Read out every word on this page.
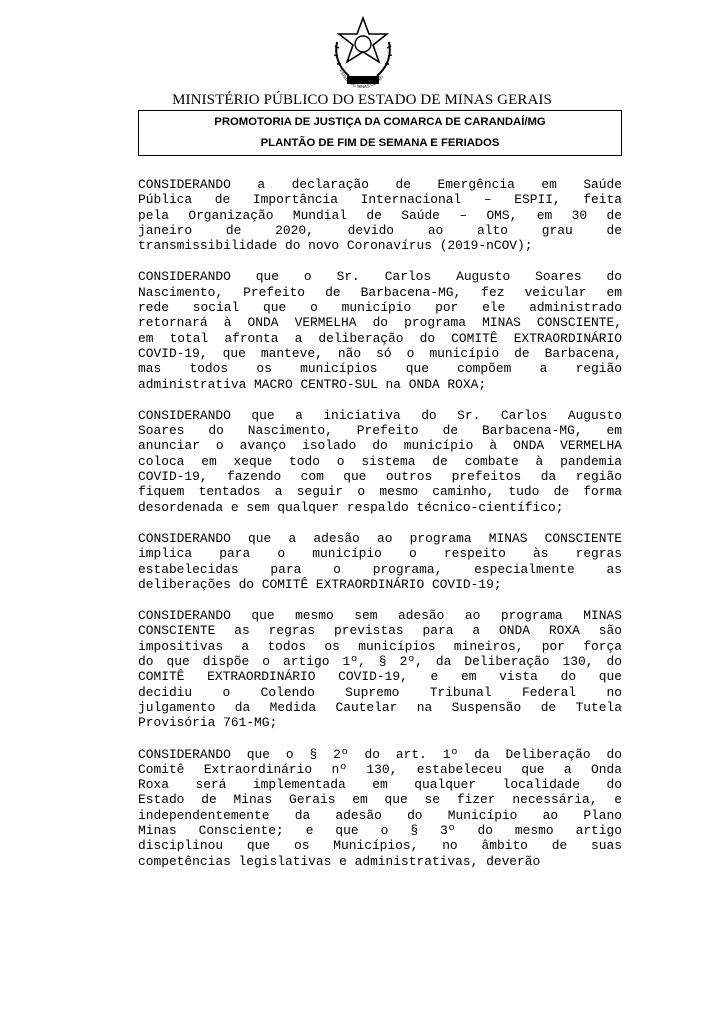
ESTADO DE MINAS GERAIS
MINISTÉRIO PÚBLICO DO ESTADO DE MINAS GERAIS
PROMOTORIA DE JUSTIÇA DA COMARCA DE CARANDAÍ/MG
PLANTÃO DE FIM DE SEMANA E FERIADOS

CONSIDERANDO a declaração de Emergência em Saúde
Pública de Importância Internacional – ESPII, feita
pela Organização Mundial de Saúde – OMS, em 30 de
janeiro de 2020, devido ao alto grau de
transmissibilidade do novo Coronavírus (2019-nCOV);

CONSIDERANDO que o Sr. Carlos Augusto Soares do
Nascimento, Prefeito de Barbacena-MG, fez veicular em
rede social que o município por ele administrado
retornará à ONDA VERMELHA do programa MINAS CONSCIENTE,
em total afronta a deliberação do COMITÊ EXTRAORDINÁRIO
COVID-19, que manteve, não só o município de Barbacena,
mas todos os municípios que compõem a região
administrativa MACRO CENTRO-SUL na ONDA ROXA;

CONSIDERANDO que a iniciativa do Sr. Carlos Augusto
Soares do Nascimento, Prefeito de Barbacena-MG, em
anunciar o avanço isolado do município à ONDA VERMELHA
coloca em xeque todo o sistema de combate à pandemia
COVID-19, fazendo com que outros prefeitos da região
fiquem tentados a seguir o mesmo caminho, tudo de forma
desordenada e sem qualquer respaldo técnico-científico;

CONSIDERANDO que a adesão ao programa MINAS CONSCIENTE
implica para o município o respeito às regras
estabelecidas para o programa, especialmente as
deliberações do COMITÊ EXTRAORDINÁRIO COVID-19;

CONSIDERANDO que mesmo sem adesão ao programa MINAS
CONSCIENTE as regras previstas para a ONDA ROXA são
impositivas a todos os municípios mineiros, por força
do que dispõe o artigo 1º, § 2º, da Deliberação 130, do
COMITÊ EXTRAORDINÁRIO COVID-19, e em vista do que
decidiu o Colendo Supremo Tribunal Federal no
julgamento da Medida Cautelar na Suspensão de Tutela
Provisória 761-MG;

CONSIDERANDO que o § 2º do art. 1º da Deliberação do
Comitê Extraordinário nº 130, estabeleceu que a Onda
Roxa será implementada em qualquer localidade do
Estado de Minas Gerais em que se fizer necessária, e
independentemente da adesão do Município ao Plano
Minas Consciente; e que o § 3º do mesmo artigo
disciplinou que os Municípios, no âmbito de suas
competências legislativas e administrativas, deverão
